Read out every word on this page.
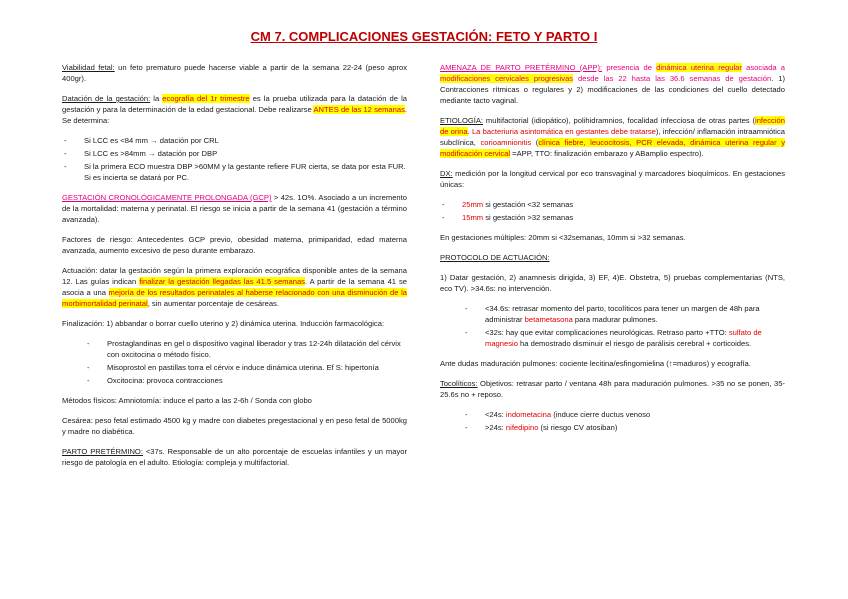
CM 7. COMPLICACIONES GESTACIÓN: FETO Y PARTO I

Viabilidad fetal: un feto prematuro puede hacerse viable a partir de la semana 22-24 (peso aprox 400gr).

Datación de la gestación: la ecografía del 1r trimestre es la prueba utilizada para la datación de la gestación y para la determinación de la edad gestacional. Debe realizarse ANTES de las 12 semanas. Se determina:

- Si LCC es <84 mm → datación por CRL
- Si LCC es >84mm → datación por DBP
- Si la primera ECO muestra DBP >60MM y la gestante refiere FUR cierta, se data por esta FUR. Si es incierta se datará por PC.

GESTACIÓN CRONOLÓGICAMENTE PROLONGADA (GCP) > 42s. 1O%. Asociado a un incremento de la mortalidad: materna y perinatal. El riesgo se inicia a partir de la semana 41 (gestación a término avanzada).

Factores de riesgo: Antecedentes GCP previo, obesidad materna, primiparidad, edad materna avanzada, aumento excesivo de peso durante embarazo.

Actuación: datar la gestación según la primera exploración ecográfica disponible antes de la semana 12. Las guías indican finalizar la gestación llegadas las 41.5 semanas. A partir de la semana 41 se asocia a una mejoría de los resultados perinatales al haberse relacionado con una disminución de la morbimortalidad perinatal, sin aumentar porcentaje de cesáreas.

Finalización: 1) abbandar o borrar cuello uterino y 2) dinámica uterina. Inducción farmacológica:

- Prostaglandinas en gel o dispositivo vaginal liberador y tras 12-24h dilatación del cérvix con oxcitocina o método físico.
- Misoprostol en pastillas torra el cérvix e induce dinámica uterina. Ef S: hipertonía
- Oxcitocina: provoca contracciones

Métodos físicos: Amniotomía: induce el parto a las 2-6h / Sonda con globo

Cesárea: peso fetal estimado 4500 kg y madre con diabetes pregestacional y en peso fetal de 5000kg y madre no diabética.

PARTO PRETÉRMINO: <37s. Responsable de un alto porcentaje de escuelas infantiles y un mayor riesgo de patología en el adulto. Etiología: compleja y multifactorial.

AMENAZA DE PARTO PRETÉRMINO (APP): presencia de dinámica uterina regular asociada a modificaciones cervicales progresivas desde las 22 hasta las 36.6 semanas de gestación. 1) Contracciones rítmicas o regulares y 2) modificaciones de las condiciones del cuello detectado mediante tacto vaginal.

ETIOLOGÍA: multifactorial (idiopático), polihidramnios, focalidad infecciosa de otras partes (infección de orina. La bacteriuria asintomática en gestantes debe tratarse), infección/ inflamación intraamniótica subclínica, corioamnionitis (clínica fiebre, leucocitosis, PCR elevada, dinámica uterina regular y modificación cervical =APP, TTO: finalización embarazo y ABamplio espectro).

DX: medición por la longitud cervical por eco transvaginal y marcadores bioquímicos. En gestaciones únicas:

- 25mm si gestación <32 semanas
- 15mm si gestación >32 semanas

En gestaciones múltiples: 20mm si <32semanas, 10mm si >32 semanas.

PROTOCOLO DE ACTUACIÓN:

1) Datar gestación, 2) anamnesis dirigida, 3) EF, 4)E. Obstetra, 5) pruebas complementarias (NTS, eco TV). >34.6s: no intervención.

- <34.6s: retrasar momento del parto, tocolíticos para tener un margen de 48h para administrar betametasona para madurar pulmones.
- <32s: hay que evitar complicaciones neurológicas. Retraso parto +TTO: sulfato de magnesio ha demostrado disminuir el riesgo de parálisis cerebral + corticoides.

Ante dudas maduración pulmones: cociente lecitina/esfingomielina (↑=maduros) y ecografía.

Tocolíticos: Objetivos: retrasar parto / ventana 48h para maduración pulmones. >35 no se ponen, 35-25.6s no + reposo.

- <24s: indometacina (induce cierre ductus venoso
- >24s: nifedipino (si riesgo CV atosiban)
